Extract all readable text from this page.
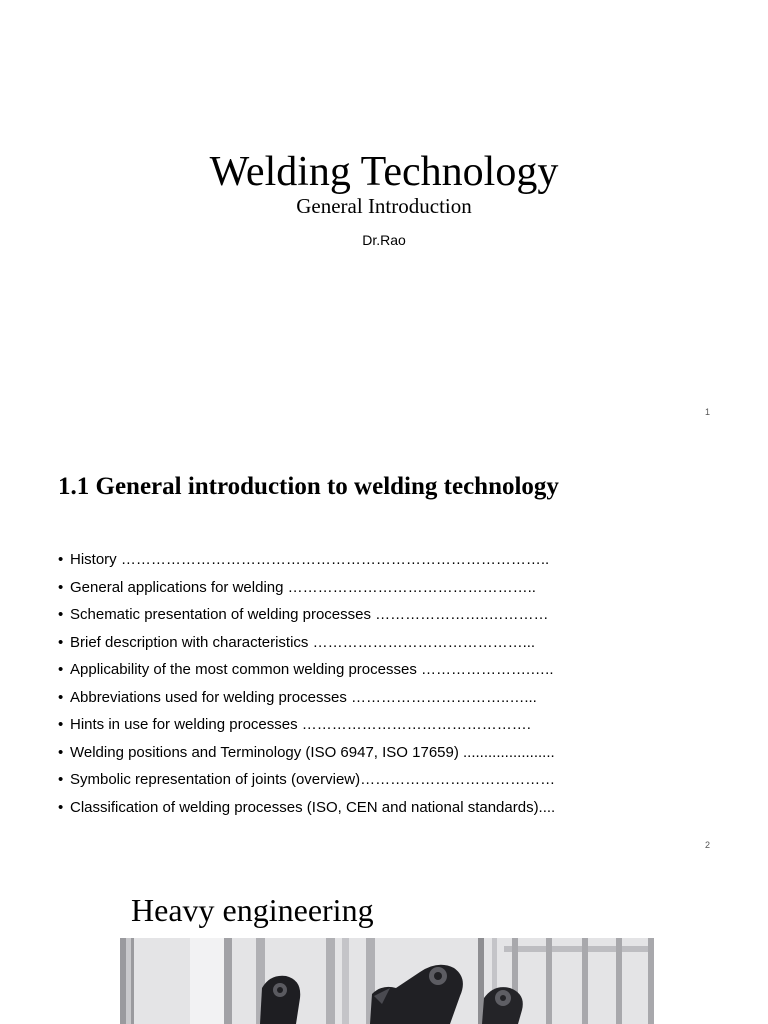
Welding Technology
General Introduction
Dr.Rao
1
1.1 General introduction to welding technology
• History …………………………………………………………………………..
• General applications for welding …………………………………………..
• Schematic presentation of welding processes …………………..…………
• Brief description with characteristics ……………………………………...
• Applicability of the most common welding processes ………………….…..
• Abbreviations used for welding processes …………………………..…...
• Hints in use for welding processes ……………………………………….
• Welding positions and Terminology (ISO 6947, ISO 17659) ......................
• Symbolic representation of joints (overview)…………………………………
• Classification of welding processes (ISO, CEN and national standards)....
2
Heavy engineering
